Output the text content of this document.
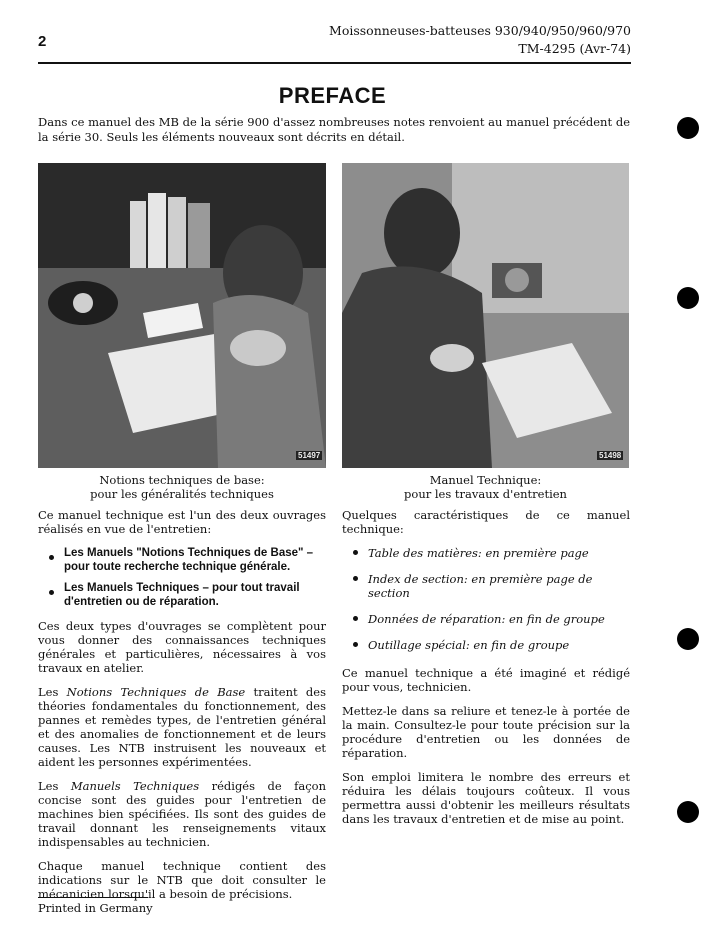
2
Moissonneuses-batteuses 930/940/950/960/970
TM-4295 (Avr-74)
PREFACE
Dans ce manuel des MB de la série 900 d'assez nombreuses notes renvoient au manuel précédent de la série 30. Seuls les éléments nouveaux sont décrits en détail.
51497	51498
Notions techniques de base:
pour les généralités techniques
Manuel Technique:
pour les travaux d'entretien

Ce manuel technique est l'un des deux ouvrages réalisés en vue de l'entretien:

Les Manuels "Notions Techniques de Base" – pour toute recherche technique générale.
Les Manuels Techniques – pour tout travail d'entretien ou de réparation.

Ces deux types d'ouvrages se complètent pour vous donner des connaissances techniques générales et particulières, nécessaires à vos travaux en atelier.

Les Notions Techniques de Base traitent des théories fondamentales du fonctionnement, des pannes et remèdes types, de l'entretien général et des anomalies de fonctionnement et de leurs causes. Les NTB instruisent les nouveaux et aident les personnes expérimentées.

Les Manuels Techniques rédigés de façon concise sont des guides pour l'entretien de machines bien spécifiées. Ils sont des guides de travail donnant les renseignements vitaux indispensables au technicien.

Chaque manuel technique contient des indications sur le NTB que doit consulter le mécanicien lorsqu'il a besoin de précisions.

Quelques caractéristiques de ce manuel technique:

Table des matières: en première page
Index de section: en première page de section
Données de réparation: en fin de groupe
Outillage spécial: en fin de groupe

Ce manuel technique a été imaginé et rédigé pour vous, technicien.

Mettez-le dans sa reliure et tenez-le à portée de la main. Consultez-le pour toute précision sur la procédure d'entretien ou les données de réparation.

Son emploi limitera le nombre des erreurs et réduira les délais toujours coûteux. Il vous permettra aussi d'obtenir les meilleurs résultats dans les travaux d'entretien et de mise au point.

Printed in Germany
